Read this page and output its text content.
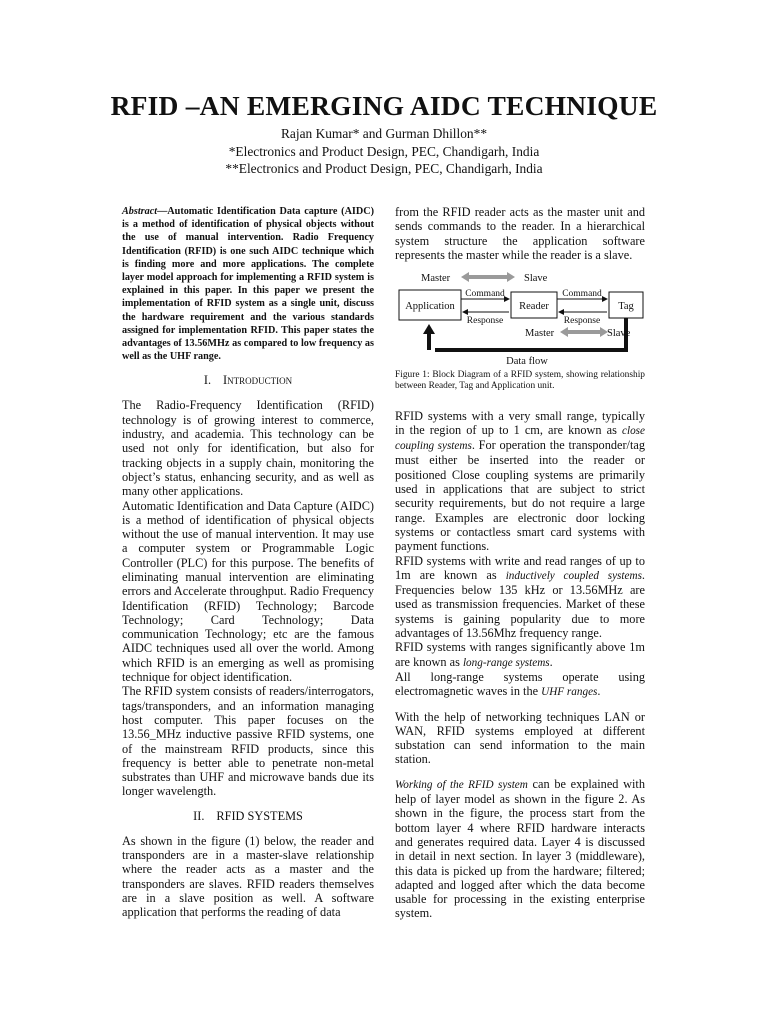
RFID –AN EMERGING AIDC TECHNIQUE
Rajan Kumar* and Gurman Dhillon**
*Electronics and Product Design, PEC, Chandigarh, India
**Electronics and Product Design, PEC, Chandigarh, India

Abstract—Automatic Identification Data capture (AIDC) is a method of identification of physical objects without the use of manual intervention. Radio Frequency Identification (RFID) is one such AIDC technique which is finding more and more applications. The complete layer model approach for implementing a RFID system is explained in this paper. In this paper we present the implementation of RFID system as a single unit, discuss the hardware requirement and the various standards assigned for implementation RFID. This paper states the advantages of 13.56MHz as compared to low frequency as well as the UHF range.

I. Introduction

The Radio-Frequency Identification (RFID) technology is of growing interest to commerce, industry, and academia. This technology can be used not only for identification, but also for tracking objects in a supply chain, monitoring the object’s status, enhancing security, and as well as many other applications.

Automatic Identification and Data Capture (AIDC) is a method of identification of physical objects without the use of manual intervention. It may use a computer system or Programmable Logic Controller (PLC) for this purpose. The benefits of eliminating manual intervention are eliminating errors and Accelerate throughput. Radio Frequency Identification (RFID) Technology; Barcode Technology; Card Technology; Data communication Technology; etc are the famous AIDC techniques used all over the world. Among which RFID is an emerging as well as promising technique for object identification.

The RFID system consists of readers/interrogators, tags/transponders, and an information managing host computer. This paper focuses on the 13.56_MHz inductive passive RFID systems, one of the mainstream RFID products, since this frequency is better able to penetrate non-metal substrates than UHF and microwave bands due its longer wavelength.

II. RFID SYSTEMS

As shown in the figure (1) below, the reader and transponders are in a master-slave relationship where the reader acts as a master and the transponders are slaves. RFID readers themselves are in a slave position as well. A software application that performs the reading of data

from the RFID reader acts as the master unit and sends commands to the reader. In a hierarchical system structure the application software represents the master while the reader is a slave.

Master	Slave
Application	Reader	Tag
Command
Response
Command
Response
Master	Slave
Data flow

Figure 1: Block Diagram of a RFID system, showing relationship between Reader, Tag and Application unit.

RFID systems with a very small range, typically in the region of up to 1 cm, are known as close coupling systems. For operation the transponder/tag must either be inserted into the reader or positioned Close coupling systems are primarily used in applications that are subject to strict security requirements, but do not require a large range. Examples are electronic door locking systems or contactless smart card systems with payment functions.

RFID systems with write and read ranges of up to 1m are known as inductively coupled systems. Frequencies below 135 kHz or 13.56MHz are used as transmission frequencies. Market of these systems is gaining popularity due to more advantages of 13.56Mhz frequency range.

RFID systems with ranges significantly above 1m are known as long-range systems.

All long-range systems operate using electromagnetic waves in the UHF ranges.

With the help of networking techniques LAN or WAN, RFID systems employed at different substation can send information to the main station.

Working of the RFID system can be explained with help of layer model as shown in the figure 2. As shown in the figure, the process start from the bottom layer 4 where RFID hardware interacts and generates required data. Layer 4 is discussed in detail in next section. In layer 3 (middleware), this data is picked up from the hardware; filtered; adapted and logged after which the data become usable for processing in the existing enterprise system.
